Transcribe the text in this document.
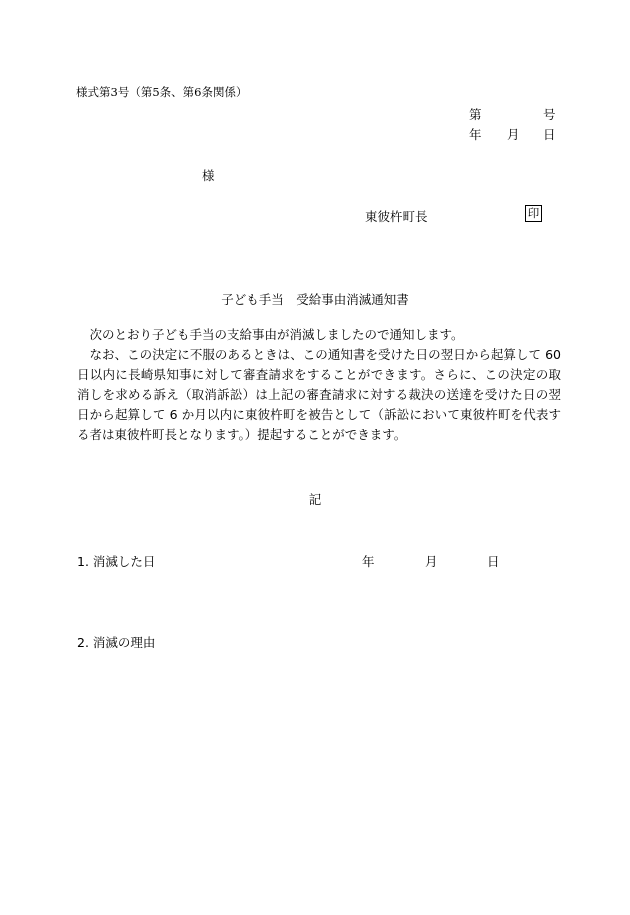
様式第3号（第5条、第6条関係）
第	号
年 月 日
様
東彼杵町長	印
子ども手当　受給事由消滅通知書

次のとおり子ども手当の支給事由が消滅しましたので通知します。

なお、この決定に不服のあるときは、この通知書を受けた日の翌日から起算して 60日以内に長崎県知事に対して審査請求をすることができます。さらに、この決定の取消しを求める訴え（取消訴訟）は上記の審査請求に対する裁決の送達を受けた日の翌日から起算して 6 か月以内に東彼杵町を被告として（訴訟において東彼杵町を代表する者は東彼杵町長となります。）提起することができます。

記
1. 消滅した日	年	月	日
2. 消滅の理由
